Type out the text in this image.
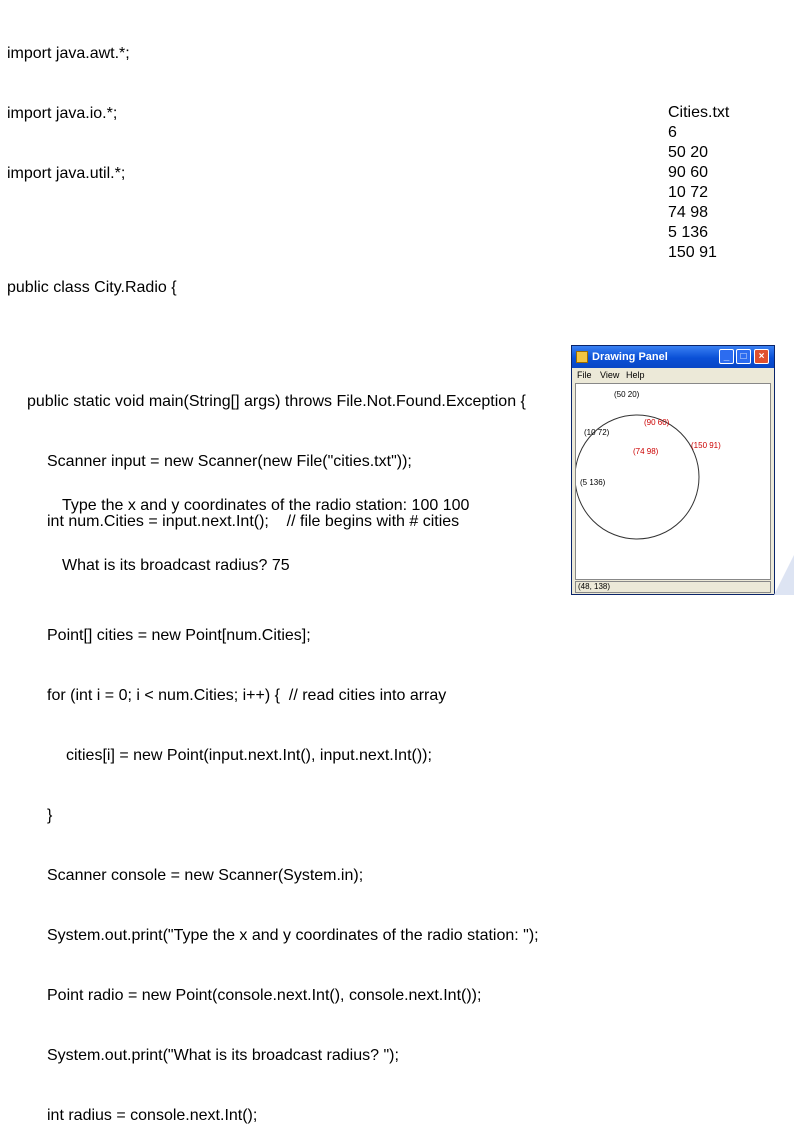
import java.awt.*;

import java.io.*;

import java.util.*;

public class City.Radio {

public static void main(String[] args) throws File.Not.Found.Exception {

Scanner input = new Scanner(new File("cities.txt"));

int num.Cities = input.next.Int();    // file begins with # cities

Point[] cities = new Point[num.Cities];

for (int i = 0; i < num.Cities; i++) {  // read cities into array

cities[i] = new Point(input.next.Int(), input.next.Int());

}

Scanner console = new Scanner(System.in);

System.out.print("Type the x and y coordinates of the radio station: ");

Point radio = new Point(console.next.Int(), console.next.Int());

System.out.print("What is its broadcast radius? ");

int radius = console.next.Int();

Type the x and y coordinates of the radio station: 100 100

What is its broadcast radius? 75

Cities.txt
6
50 20
90 60
10 72
74 98
5 136
150 91
Drawing Panel	_	□	×
File View Help
(50 20)
(90 60)
(10 72)
(74 98)
(150 91)
(5 136)
(48, 138)
